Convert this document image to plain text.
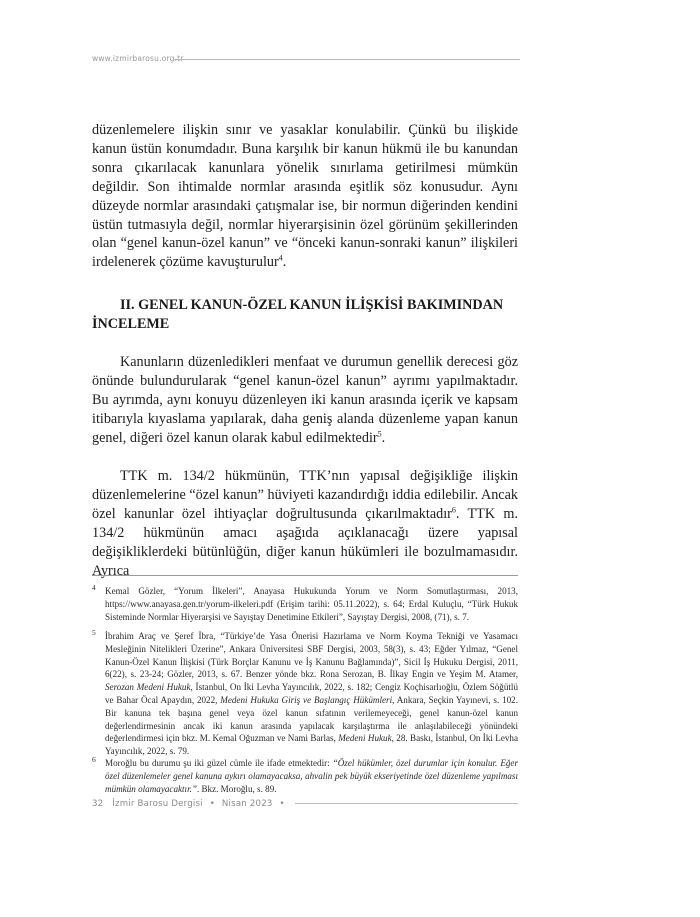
www.izmirbarosu.org.tr

düzenlemelere ilişkin sınır ve yasaklar konulabilir. Çünkü bu ilişkide kanun üstün konumdadır. Buna karşılık bir kanun hükmü ile bu kanundan sonra çıkarılacak kanunlara yönelik sınırlama getirilmesi mümkün değildir. Son ihtimalde normlar arasında eşitlik söz konusudur. Aynı düzeyde normlar arasındaki çatışmalar ise, bir normun diğerinden kendini üstün tutmasıyla değil, normlar hiyerarşisinin özel görünüm şekillerinden olan “genel kanun-özel kanun” ve “önceki kanun-sonraki kanun” ilişkileri irdelenerek çözüme kavuşturulur$^4$.

II. GENEL KANUN-ÖZEL KANUN İLİŞKİSİ BAKIMINDAN İNCELEME

Kanunların düzenledikleri menfaat ve durumun genellik derecesi göz önünde bulundurularak “genel kanun-özel kanun” ayrımı yapılmaktadır. Bu ayrımda, aynı konuyu düzenleyen iki kanun arasında içerik ve kapsam itibarıyla kıyaslama yapılarak, daha geniş alanda düzenleme yapan kanun genel, diğeri özel kanun olarak kabul edilmektedir$^5$.

TTK m. 134/2 hükmünün, TTK’nın yapısal değişikliğe ilişkin düzenlemelerine “özel kanun” hüviyeti kazandırdığı iddia edilebilir. Ancak özel kanunlar özel ihtiyaçlar doğrultusunda çıkarılmaktadır$^6$. TTK m. 134/2 hükmünün amacı aşağıda açıklanacağı üzere yapısal değişikliklerdeki bütünlüğün, diğer kanun hükümleri ile bozulmamasıdır. Ayrıca

4 Kemal Gözler, “Yorum İlkeleri”, Anayasa Hukukunda Yorum ve Norm Somutlaştırması, 2013, https://www.anayasa.gen.tr/yorum-ilkeleri.pdf (Erişim tarihi: 05.11.2022), s. 64; Erdal Kuluçlu, “Türk Hukuk Sisteminde Normlar Hiyerarşisi ve Sayıştay Denetimine Etkileri”, Sayıştay Dergisi, 2008, (71), s. 7.
5 İbrahim Araç ve Şeref İbra, “Türkiye’de Yasa Önerisi Hazırlama ve Norm Koyma Tekniği ve Yasamacı Mesleğinin Nitelikleri Üzerine”, Ankara Üniversitesi SBF Dergisi, 2003, 58(3), s. 43; Eğder Yılmaz, “Genel Kanun-Özel Kanun İlişkisi (Türk Borçlar Kanunu ve İş Kanunu Bağlamında)”, Sicil İş Hukuku Dergisi, 2011, 6(22), s. 23-24; Gözler, 2013, s. 67. Benzer yönde bkz. Rona Serozan, B. İlkay Engin ve Yeşim M. Atamer, Serozan Medeni Hukuk, İstanbul, On İki Levha Yayıncılık, 2022, s. 182; Cengiz Koçhisarlıoğlu, Özlem Söğütlü ve Bahar Öcal Apaydın, 2022, Medeni Hukuka Giriş ve Başlangıç Hükümleri, Ankara, Seçkin Yayınevi, s. 102. Bir kanuna tek başına genel veya özel kanun sıfatının verilemeyeceği, genel kanun-özel kanun değerlendirmesinin ancak iki kanun arasında yapılacak karşılaştırma ile anlaşılabileceği yönündeki değerlendirmesi için bkz. M. Kemal Oğuzman ve Nami Barlas, Medeni Hukuk, 28. Baskı, İstanbul, On İki Levha Yayıncılık, 2022, s. 79.
6 Moroğlu bu durumu şu iki güzel cümle ile ifade etmektedir: “Özel hükümler, özel durumlar için konulur. Eğer özel düzenlemeler genel kanuna aykırı olamayacaksa, ahvalin pek büyük ekseriyetinde özel düzenleme yapılması mümkün olamayacaktır.”. Bkz. Moroğlu, s. 89.
32 İzmir Barosu Dergisi • Nisan 2023 •
